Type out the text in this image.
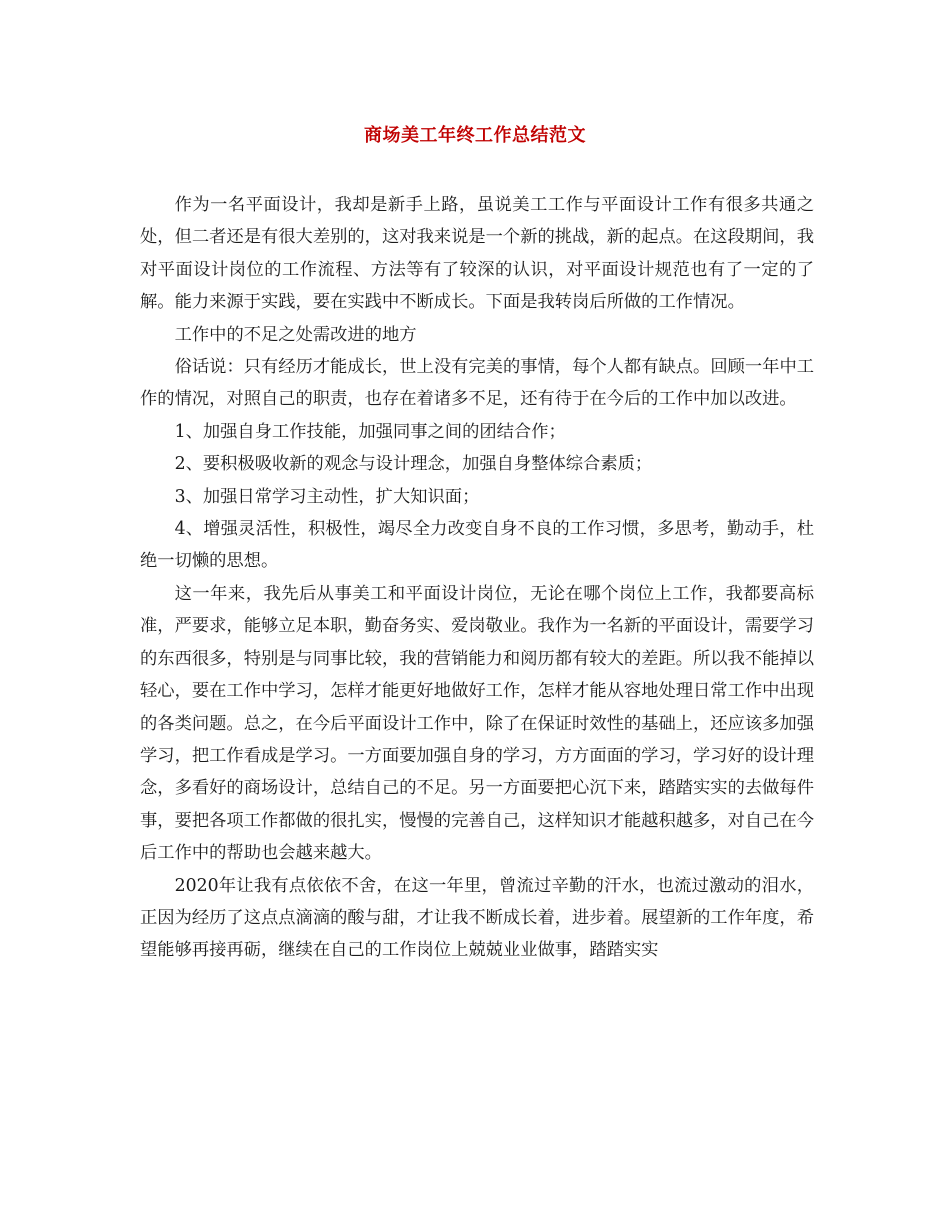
商场美工年终工作总结范文

作为一名平面设计，我却是新手上路，虽说美工工作与平面设计工作有很多共通之处，但二者还是有很大差别的，这对我来说是一个新的挑战，新的起点。在这段期间，我对平面设计岗位的工作流程、方法等有了较深的认识，对平面设计规范也有了一定的了解。能力来源于实践，要在实践中不断成长。下面是我转岗后所做的工作情况。

工作中的不足之处需改进的地方

俗话说：只有经历才能成长，世上没有完美的事情，每个人都有缺点。回顾一年中工作的情况，对照自己的职责，也存在着诸多不足，还有待于在今后的工作中加以改进。

1、加强自身工作技能，加强同事之间的团结合作；

2、要积极吸收新的观念与设计理念，加强自身整体综合素质；

3、加强日常学习主动性，扩大知识面；

4、增强灵活性，积极性，竭尽全力改变自身不良的工作习惯，多思考，勤动手，杜绝一切懒的思想。

这一年来，我先后从事美工和平面设计岗位，无论在哪个岗位上工作，我都要高标准，严要求，能够立足本职，勤奋务实、爱岗敬业。我作为一名新的平面设计，需要学习的东西很多，特别是与同事比较，我的营销能力和阅历都有较大的差距。所以我不能掉以轻心，要在工作中学习，怎样才能更好地做好工作，怎样才能从容地处理日常工作中出现的各类问题。总之，在今后平面设计工作中，除了在保证时效性的基础上，还应该多加强学习，把工作看成是学习。一方面要加强自身的学习，方方面面的学习，学习好的设计理念，多看好的商场设计，总结自己的不足。另一方面要把心沉下来，踏踏实实的去做每件事，要把各项工作都做的很扎实，慢慢的完善自己，这样知识才能越积越多，对自己在今后工作中的帮助也会越来越大。

2020年让我有点依依不舍，在这一年里，曾流过辛勤的汗水，也流过激动的泪水，正因为经历了这点点滴滴的酸与甜，才让我不断成长着，进步着。展望新的工作年度，希望能够再接再砺，继续在自己的工作岗位上兢兢业业做事，踏踏实实
